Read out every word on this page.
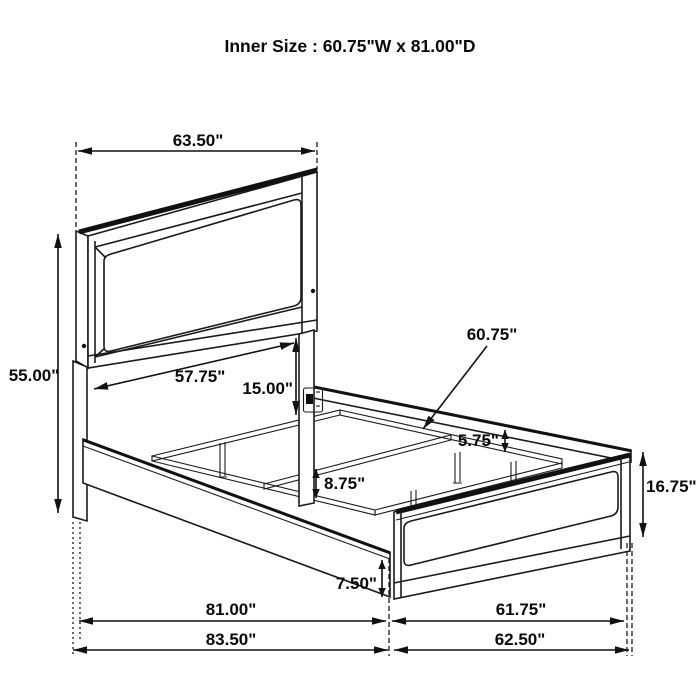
63.50"
55.00"	57.75"
15.00"
60.75"
5.75"
8.75"	16.75"
7.50"
81.00"	61.75"
83.50"	62.50"
Inner Size : 60.75"W x 81.00"D
